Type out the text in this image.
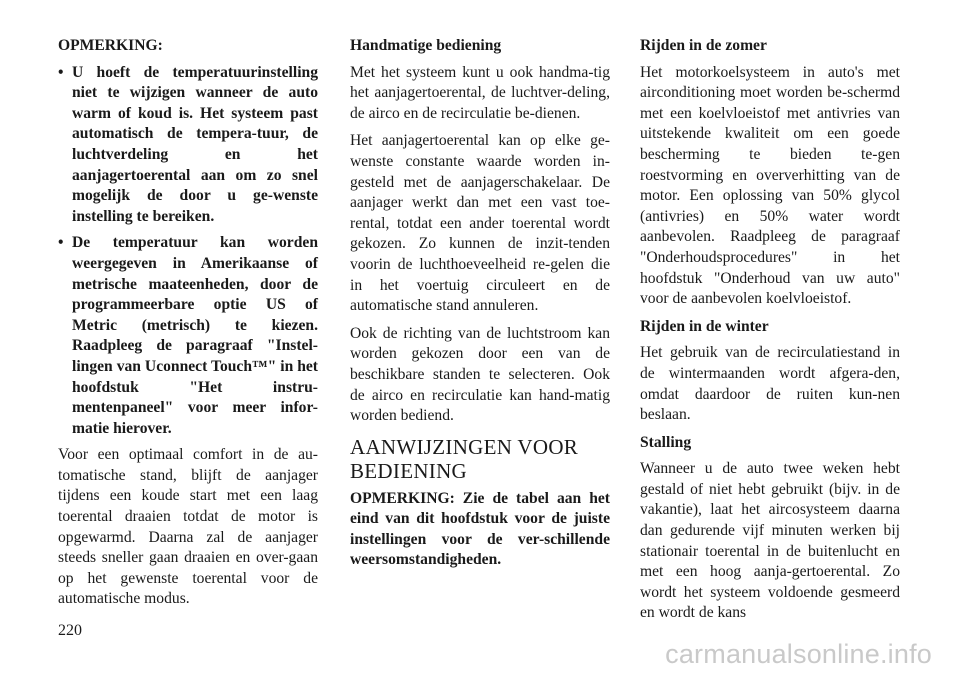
OPMERKING:
• U hoeft de temperatuurinstelling niet te wijzigen wanneer de auto warm of koud is. Het systeem past automatisch de tempera-tuur, de luchtverdeling en het aanjagertoerental aan om zo snel mogelijk de door u ge-wenste instelling te bereiken.
• De temperatuur kan worden weergegeven in Amerikaanse of metrische maateenheden, door de programmeerbare optie US of Metric (metrisch) te kiezen. Raadpleeg de paragraaf "Instel-lingen van Uconnect Touch™" in het hoofdstuk "Het instru-mentenpaneel" voor meer infor-matie hierover.

Voor een optimaal comfort in de au-tomatische stand, blijft de aanjager tijdens een koude start met een laag toerental draaien totdat de motor is opgewarmd. Daarna zal de aanjager steeds sneller gaan draaien en over-gaan op het gewenste toerental voor de automatische modus.

Handmatige bediening

Met het systeem kunt u ook handma-tig het aanjagertoerental, de luchtver-deling, de airco en de recirculatie be-dienen.

Het aanjagertoerental kan op elke ge-wenste constante waarde worden in-gesteld met de aanjagerschakelaar. De aanjager werkt dan met een vast toe-rental, totdat een ander toerental wordt gekozen. Zo kunnen de inzit-tenden voorin de luchthoeveelheid re-gelen die in het voertuig circuleert en de automatische stand annuleren.

Ook de richting van de luchtstroom kan worden gekozen door een van de beschikbare standen te selecteren. Ook de airco en recirculatie kan hand-matig worden bediend.

AANWIJZINGEN VOOR
BEDIENING

OPMERKING: Zie de tabel aan het eind van dit hoofdstuk voor de juiste instellingen voor de ver-schillende weersomstandigheden.

Rijden in de zomer

Het motorkoelsysteem in auto's met airconditioning moet worden be-schermd met een koelvloeistof met antivries van uitstekende kwaliteit om een goede bescherming te bieden te-gen roestvorming en oververhitting van de motor. Een oplossing van 50% glycol (antivries) en 50% water wordt aanbevolen. Raadpleeg de paragraaf "Onderhoudsprocedures" in het hoofdstuk "Onderhoud van uw auto" voor de aanbevolen koelvloeistof.

Rijden in de winter

Het gebruik van de recirculatiestand in de wintermaanden wordt afgera-den, omdat daardoor de ruiten kun-nen beslaan.

Stalling

Wanneer u de auto twee weken hebt gestald of niet hebt gebruikt (bijv. in de vakantie), laat het aircosysteem daarna dan gedurende vijf minuten werken bij stationair toerental in de buitenlucht en met een hoog aanja-gertoerental. Zo wordt het systeem voldoende gesmeerd en wordt de kans

220
carmanualsonline.info
